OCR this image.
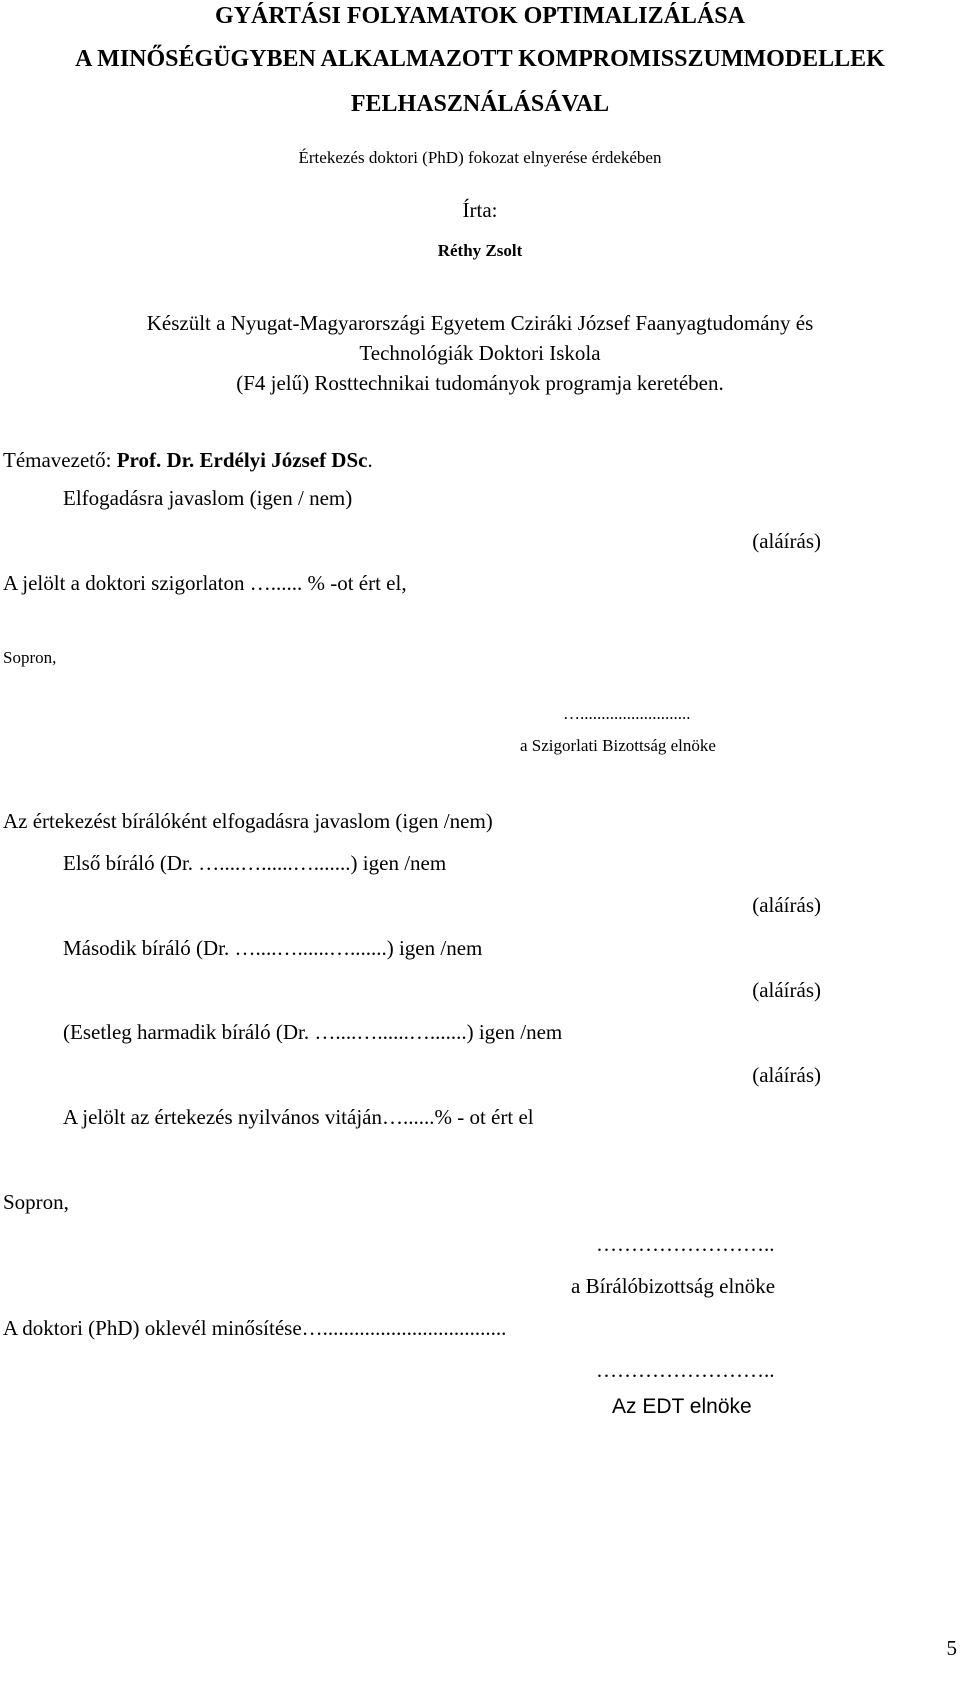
GYÁRTÁSI FOLYAMATOK OPTIMALIZÁLÁSA
A MINŐSÉGÜGYBEN ALKALMAZOTT KOMPROMISSZUMMODELLEK
FELHASZNÁLÁSÁVAL
Értekezés doktori (PhD) fokozat elnyerése érdekében
Írta:
Réthy Zsolt
Készült a Nyugat-Magyarországi Egyetem Cziráki József Faanyagtudomány és
Technológiák Doktori Iskola
(F4 jelű) Rosttechnikai tudományok programja keretében.
Témavezető: Prof. Dr. Erdélyi József DSc.
Elfogadásra javaslom (igen / nem)
(aláírás)
A jelölt a doktori szigorlaton …...... % -ot ért el,
Sopron,
…..........................
a Szigorlati Bizottság elnöke
Az értekezést bírálóként elfogadásra javaslom (igen /nem)
Első bíráló (Dr. …....…......….......) igen /nem
(aláírás)
Második bíráló (Dr. …....…......….......) igen /nem
(aláírás)
(Esetleg harmadik bíráló (Dr. …....…......….......) igen /nem
(aláírás)
A jelölt az értekezés nyilvános vitáján…......% - ot ért el
Sopron,
……………………..
a Bírálóbizottság elnöke
A doktori (PhD) oklevél minősítése…...................................
……………………..
Az EDT elnöke
5
